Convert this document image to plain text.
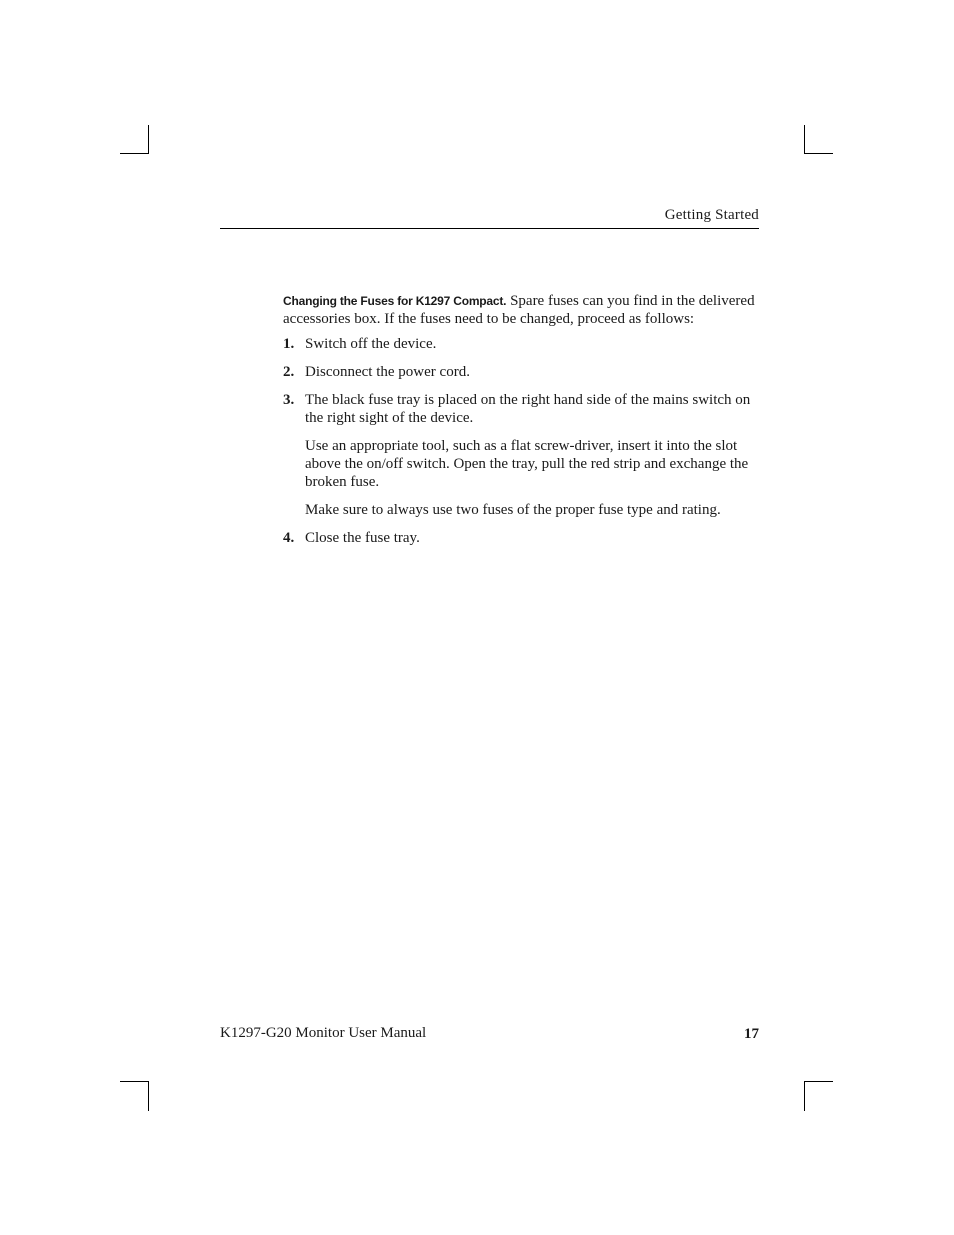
Getting Started

Changing the Fuses for K1297 Compact. Spare fuses can you find in the delivered accessories box. If the fuses need to be changed, proceed as follows:

1. Switch off the device.

2. Disconnect the power cord.

3. The black fuse tray is placed on the right hand side of the mains switch on the right sight of the device.

Use an appropriate tool, such as a flat screw-driver, insert it into the slot above the on/off switch. Open the tray, pull the red strip and exchange the broken fuse.

Make sure to always use two fuses of the proper fuse type and rating.

4. Close the fuse tray.

K1297-G20 Monitor User Manual	17
